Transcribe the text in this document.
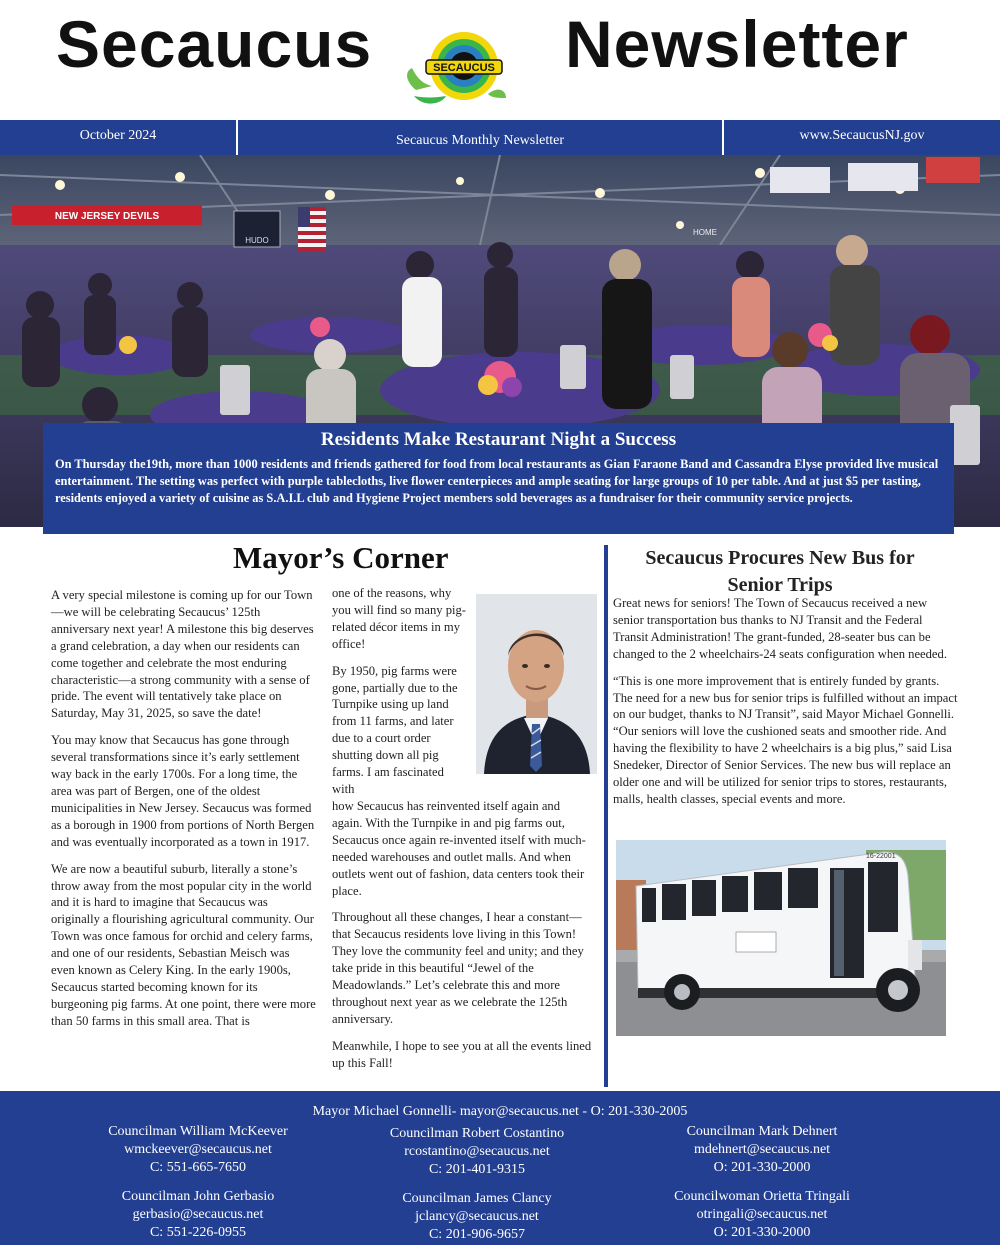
Secaucus	SECAUCUS Newsletter
October 2024	Secaucus Monthly Newsletter	www.SecaucusNJ.gov
NEW JERSEY DEVILS
HUDO
HOME
Residents Make Restaurant Night a Success
On Thursday the19th, more than 1000 residents and friends gathered for food from local restaurants as Gian Faraone Band and Cassandra Elyse provided live musical entertainment. The setting was perfect with purple tablecloths, live flower centerpieces and ample seating for large groups of 10 per table. And at just $5 per tasting, residents enjoyed a variety of cuisine as S.A.I.L club and Hygiene Project members sold beverages as a fundraiser for their community service projects.
Mayor’s Corner

A very special milestone is coming up for our Town—we will be celebrating Secaucus’ 125th anniversary next year! A milestone this big deserves a grand celebration, a day when our residents can come together and celebrate the most enduring characteristic—a strong community with a sense of pride. The event will tentatively take place on Saturday, May 31, 2025, so save the date!

You may know that Secaucus has gone through several transformations since it’s early settlement way back in the early 1700s. For a long time, the area was part of Bergen, one of the oldest municipalities in New Jersey. Secaucus was formed as a borough in 1900 from portions of North Bergen and was eventually incorporated as a town in 1917.

We are now a beautiful suburb, literally a stone’s throw away from the most popular city in the world and it is hard to imagine that Secaucus was originally a flourishing agricultural community. Our Town was once famous for orchid and celery farms, and one of our residents, Sebastian Meisch was even known as Celery King. In the early 1900s, Secaucus started becoming known for its burgeoning pig farms. At one point, there were more than 50 farms in this small area. That is

one of the reasons, why you will find so many pig-related décor items in my office!

By 1950, pig farms were gone, partially due to the Turnpike using up land from 11 farms, and later due to a court order shutting down all pig farms. I am fascinated with

how Secaucus has reinvented itself again and again. With the Turnpike in and pig farms out, Secaucus once again re-invented itself with much-needed warehouses and outlet malls. And when outlets went out of fashion, data centers took their place.

Throughout all these changes, I hear a constant—that Secaucus residents love living in this Town! They love the community feel and unity; and they take pride in this beautiful “Jewel of the Meadowlands.” Let’s celebrate this and more throughout next year as we celebrate the 125th anniversary.

Meanwhile, I hope to see you at all the events lined up this Fall!

Secaucus Procures New Bus for Senior Trips

Great news for seniors! The Town of Secaucus received a new senior transportation bus thanks to NJ Transit and the Federal Transit Administration! The grant-funded, 28-seater bus can be changed to the 2 wheelchairs-24 seats configuration when needed.

“This is one more improvement that is entirely funded by grants. The need for a new bus for senior trips is fulfilled without an impact on our budget, thanks to NJ Transit”, said Mayor Michael Gonnelli. “Our seniors will love the cushioned seats and smoother ride. And having the flexibility to have 2 wheelchairs is a big plus,” said Lisa Snedeker, Director of Senior Services. The new bus will replace an older one and will be utilized for senior trips to stores, restaurants, malls, health classes, special events and more.

16-22001
Mayor Michael Gonnelli- mayor@secaucus.net - O: 201-330-2005
Councilman William McKeever
wmckeever@secaucus.net
C: 551-665-7650
Councilman Robert Costantino
rcostantino@secaucus.net
C: 201-401-9315
Councilman Mark Dehnert
mdehnert@secaucus.net
O: 201-330-2000
Councilman John Gerbasio
gerbasio@secaucus.net
C: 551-226-0955
Councilman James Clancy
jclancy@secaucus.net
C: 201-906-9657
Councilwoman Orietta Tringali
otringali@secaucus.net
O: 201-330-2000
